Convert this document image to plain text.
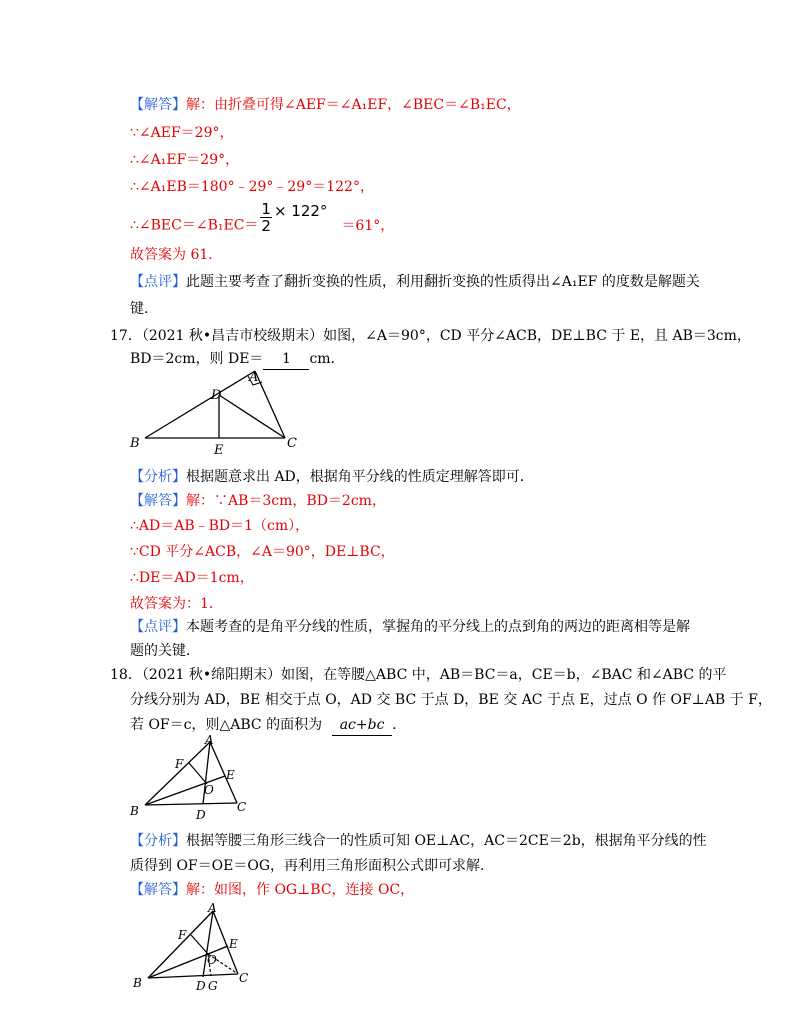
【解答】解：由折叠可得∠AEF＝∠A₁EF，∠BEC＝∠B₁EC，
∵∠AEF＝29°，
∴∠A₁EF＝29°，
∴∠A₁EB＝180°﹣29°﹣29°＝122°，
∴∠BEC＝∠B₁EC＝ $\frac{1}{2} \times 122^\circ=61^\circ$，
故答案为 61．
【点评】此题主要考查了翻折变换的性质，利用翻折变换的性质得出∠A₁EF 的度数是解题关
键．
17．（2021 秋•昌吉市校级期末）如图，∠A＝90°，CD 平分∠ACB，DE⊥BC 于 E，且 AB＝3cm，
BD＝2cm，则 DE＝ 1 cm．
A
D
B	E	C
【分析】根据题意求出 AD，根据角平分线的性质定理解答即可．
【解答】解：∵AB＝3cm，BD＝2cm，
∴AD＝AB﹣BD＝1（cm），
∵CD 平分∠ACB，∠A＝90°，DE⊥BC，
∴DE＝AD＝1cm，
故答案为：1．
【点评】本题考查的是角平分线的性质，掌握角的平分线上的点到角的两边的距离相等是解
题的关键．
18．（2021 秋•绵阳期末）如图，在等腰△ABC 中，AB＝BC＝a，CE＝b，∠BAC 和∠ABC 的平
分线分别为 AD，BE 相交于点 O，AD 交 BC 于点 D，BE 交 AC 于点 E，过点 O 作 OF⊥AB 于 F，
若 OF＝c，则△ABC 的面积为 ac+bc ．
A
F
E
O
B	D
C
【分析】根据等腰三角形三线合一的性质可知 OE⊥AC，AC＝2CE＝2b，根据角平分线的性
质得到 OF＝OE＝OG，再利用三角形面积公式即可求解．
【解答】解：如图，作 OG⊥BC，连接 OC，
A
F
E
O
B	D G
C
